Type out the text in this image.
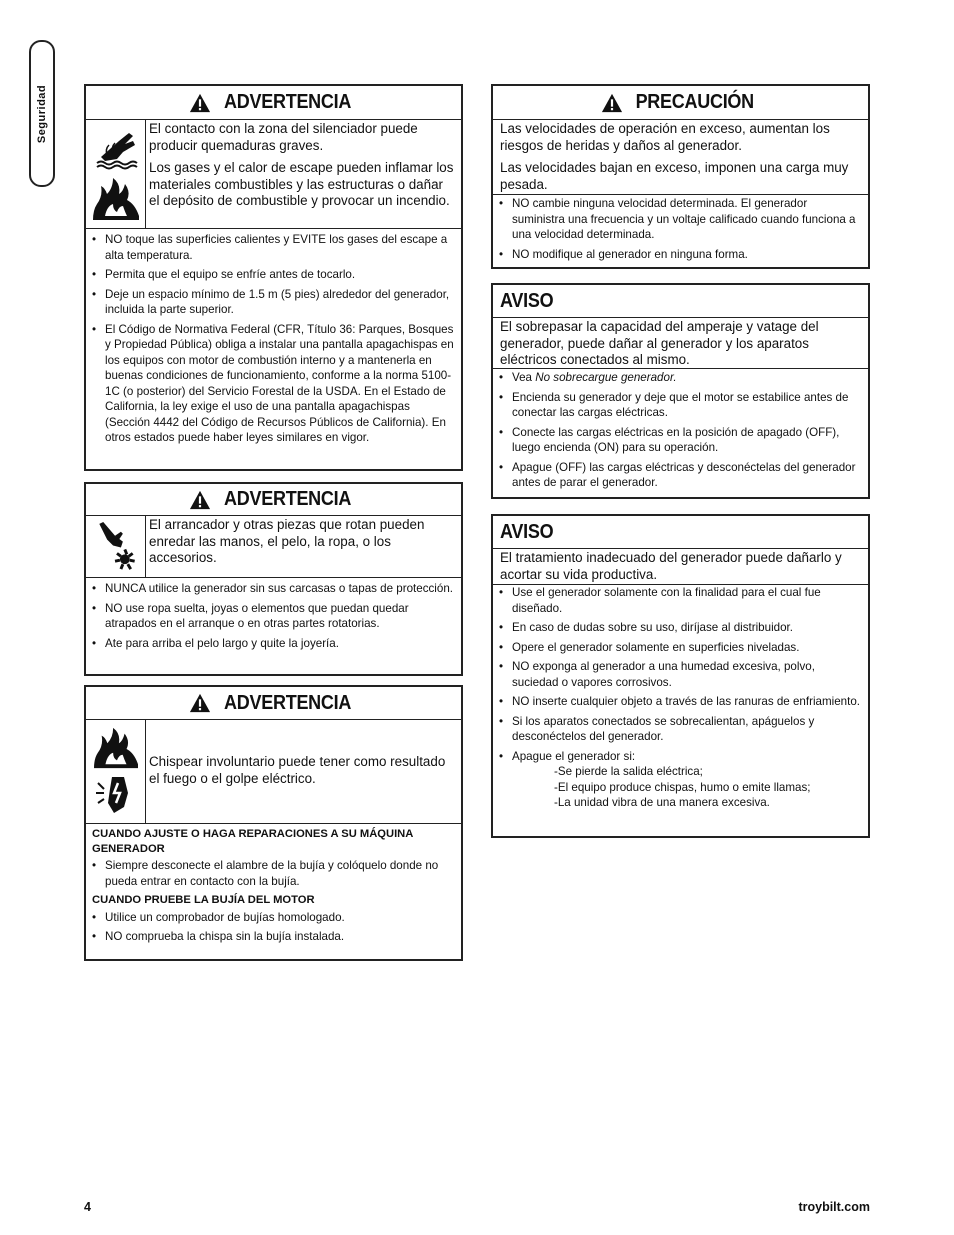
Seguridad	ADVERTENCIA

El contacto con la zona del silenciador puede producir quemaduras graves.

Los gases y el calor de escape pueden inflamar los materiales combustibles y las estructuras o dañar el depósito de combustible y provocar un incendio.

• NO toque las superficies calientes y EVITE los gases del escape a alta temperatura.
• Permita que el equipo se enfríe antes de tocarlo.
• Deje un espacio mínimo de 1.5 m (5 pies) alrededor del generador, incluida la parte superior.
• El Código de Normativa Federal (CFR, Título 36: Parques, Bosques y Propiedad Pública) obliga a instalar una pantalla apagachispas en los equipos con motor de combustión interno y a mantenerla en buenas condiciones de funcionamiento, conforme a la norma 5100-1C (o posterior) del Servicio Forestal de la USDA. En el Estado de California, la ley exige el uso de una pantalla apagachispas (Sección 4442 del Código de Recursos Públicos de California). En otros estados puede haber leyes similares en vigor.
ADVERTENCIA

El arrancador y otras piezas que rotan pueden enredar las manos, el pelo, la ropa, o los accesorios.

• NUNCA utilice la generador sin sus carcasas o tapas de protección.
• NO use ropa suelta, joyas o elementos que puedan quedar atrapados en el arranque o en otras partes rotatorias.
• Ate para arriba el pelo largo y quite la joyería.
ADVERTENCIA

Chispear involuntario puede tener como resultado el fuego o el golpe eléctrico.

CUANDO AJUSTE O HAGA REPARACIONES A SU MÁQUINA GENERADOR
• Siempre desconecte el alambre de la bujía y colóquelo donde no pueda entrar en contacto con la bujía.
CUANDO PRUEBE LA BUJÍA DEL MOTOR
• Utilice un comprobador de bujías homologado.
• NO comprueba la chispa sin la bujía instalada.
PRECAUCIÓN

Las velocidades de operación en exceso, aumentan los riesgos de heridas y daños al generador.

Las velocidades bajan en exceso, imponen una carga muy pesada.

• NO cambie ninguna velocidad determinada. El generador suministra una frecuencia y un voltaje calificado cuando funciona a una velocidad determinada.
• NO modifique al generador en ninguna forma.
AVISO

El sobrepasar la capacidad del amperaje y vatage del generador, puede dañar al generador y los aparatos eléctricos conectados al mismo.

• Vea No sobrecargue generador.
• Encienda su generador y deje que el motor se estabilice antes de conectar las cargas eléctricas.
• Conecte las cargas eléctricas en la posición de apagado (OFF), luego encienda (ON) para su operación.
• Apague (OFF) las cargas eléctricas y desconéctelas del generador antes de parar el generador.
AVISO

El tratamiento inadecuado del generador puede dañarlo y acortar su vida productiva.

• Use el generador solamente con la finalidad para el cual fue diseñado.
• En caso de dudas sobre su uso, diríjase al distribuidor.
• Opere el generador solamente en superficies niveladas.
• NO exponga al generador a una humedad excesiva, polvo, suciedad o vapores corrosivos.
• NO inserte cualquier objeto a través de las ranuras de enfriamiento.
• Si los aparatos conectados se sobrecalientan, apáguelos y desconéctelos del generador.
• Apague el generador si:
-Se pierde la salida eléctrica;
-El equipo produce chispas, humo o emite llamas;
-La unidad vibra de una manera excesiva.
4	troybilt.com
